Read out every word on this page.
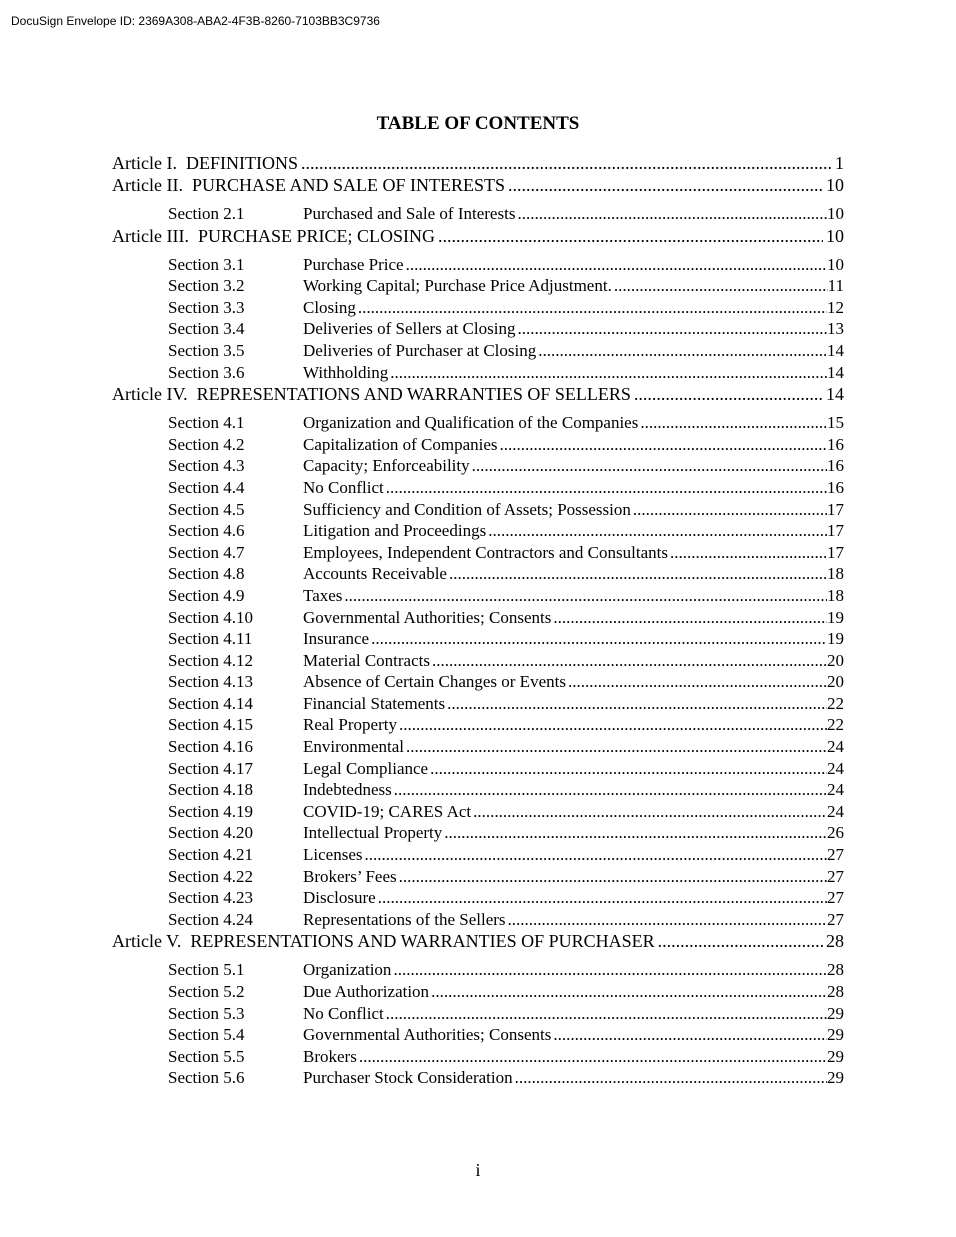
DocuSign Envelope ID: 2369A308-ABA2-4F3B-8260-7103BB3C9736
TABLE OF CONTENTS
Article I.  DEFINITIONS .....	1
Article II.  PURCHASE AND SALE OF INTERESTS .....	10
Section 2.1	Purchased and Sale of Interests .....	10
Article III.  PURCHASE PRICE; CLOSING .....	10
Section 3.1	Purchase Price .....	10
Section 3.2	Working Capital; Purchase Price Adjustment. .....	11
Section 3.3	Closing .....	12
Section 3.4	Deliveries of Sellers at Closing .....	13
Section 3.5	Deliveries of Purchaser at Closing .....	14
Section 3.6	Withholding .....	14
Article IV.  REPRESENTATIONS AND WARRANTIES OF SELLERS .....	14
Section 4.1	Organization and Qualification of the Companies .....	15
Section 4.2	Capitalization of Companies .....	16
Section 4.3	Capacity; Enforceability .....	16
Section 4.4	No Conflict .....	16
Section 4.5	Sufficiency and Condition of Assets; Possession .....	17
Section 4.6	Litigation and Proceedings .....	17
Section 4.7	Employees, Independent Contractors and Consultants .....	17
Section 4.8	Accounts Receivable .....	18
Section 4.9	Taxes .....	18
Section 4.10	Governmental Authorities; Consents .....	19
Section 4.11	Insurance .....	19
Section 4.12	Material Contracts .....	20
Section 4.13	Absence of Certain Changes or Events .....	20
Section 4.14	Financial Statements .....	22
Section 4.15	Real Property .....	22
Section 4.16	Environmental .....	24
Section 4.17	Legal Compliance .....	24
Section 4.18	Indebtedness .....	24
Section 4.19	COVID-19; CARES Act .....	24
Section 4.20	Intellectual Property .....	26
Section 4.21	Licenses .....	27
Section 4.22	Brokers’ Fees .....	27
Section 4.23	Disclosure .....	27
Section 4.24	Representations of the Sellers .....	27
Article V.  REPRESENTATIONS AND WARRANTIES OF PURCHASER .....	28
Section 5.1	Organization .....	28
Section 5.2	Due Authorization .....	28
Section 5.3	No Conflict .....	29
Section 5.4	Governmental Authorities; Consents .....	29
Section 5.5	Brokers .....	29
Section 5.6	Purchaser Stock Consideration .....	29
i
